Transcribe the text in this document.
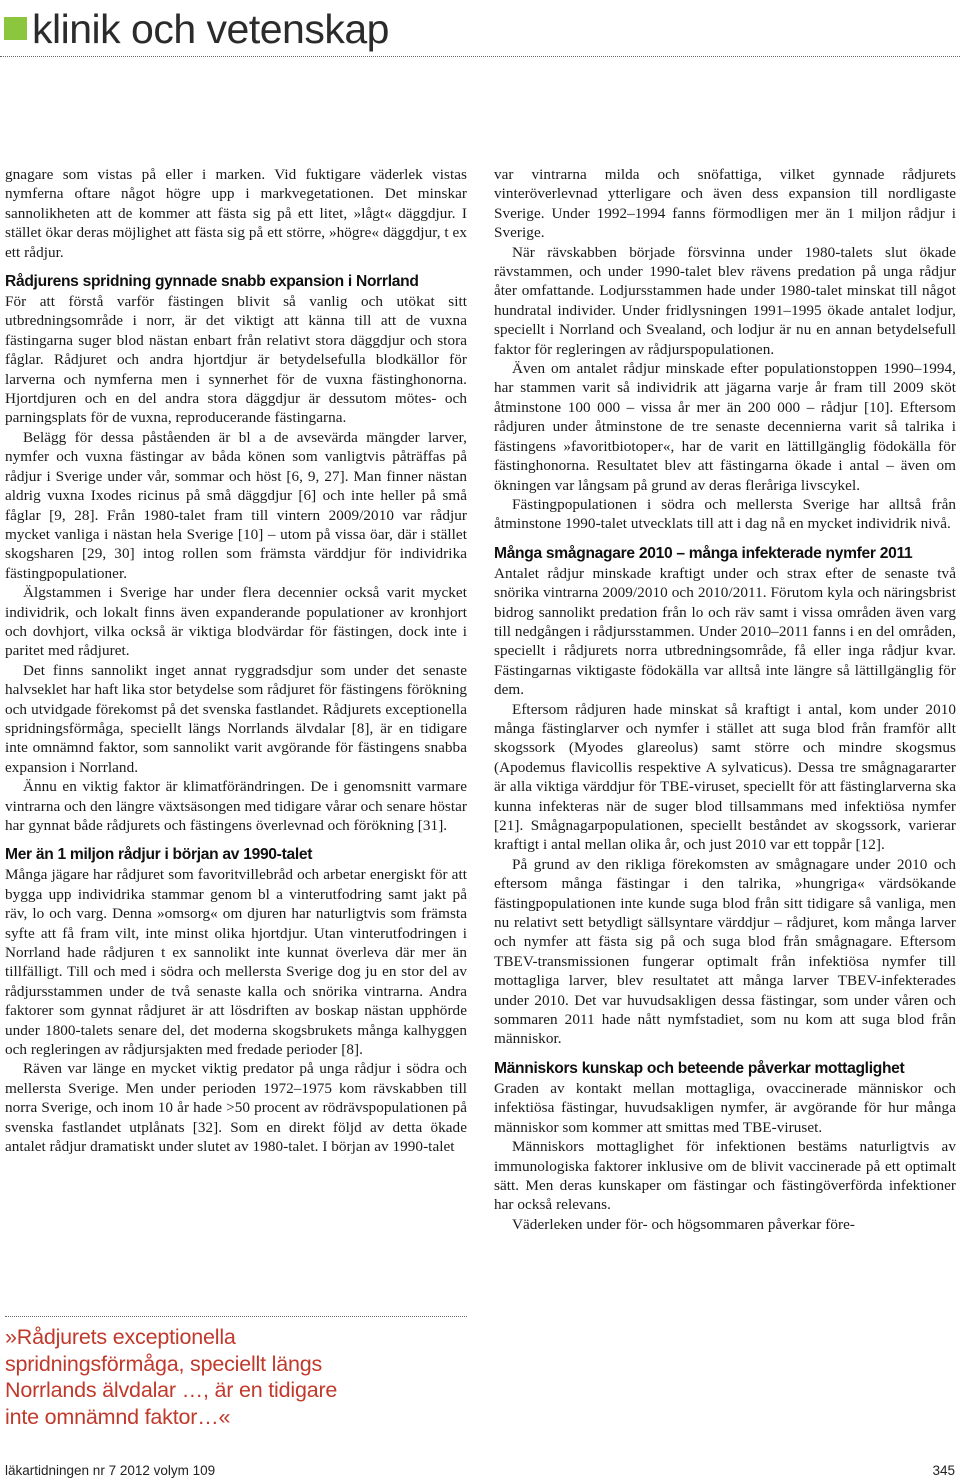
klinik och vetenskap

gnagare som vistas på eller i marken. Vid fuktigare väderlek vistas nymferna oftare något högre upp i markvegetationen. Det minskar sannolikheten att de kommer att fästa sig på ett litet, »lågt« däggdjur. I stället ökar deras möjlighet att fästa sig på ett större, »högre« däggdjur, t ex ett rådjur.

Rådjurens spridning gynnade snabb expansion i Norrland

För att förstå varför fästingen blivit så vanlig och utökat sitt utbredningsområde i norr, är det viktigt att känna till att de vuxna fästingarna suger blod nästan enbart från relativt stora däggdjur och stora fåglar. Rådjuret och andra hjortdjur är betydelsefulla blodkällor för larverna och nymferna men i synnerhet för de vuxna fästinghonorna. Hjortdjuren och en del andra stora däggdjur är dessutom mötes- och parningsplats för de vuxna, reproducerande fästingarna.

Belägg för dessa påståenden är bl a de avsevärda mängder larver, nymfer och vuxna fästingar av båda könen som vanligtvis påträffas på rådjur i Sverige under vår, sommar och höst [6, 9, 27]. Man finner nästan aldrig vuxna Ixodes ricinus på små däggdjur [6] och inte heller på små fåglar [9, 28]. Från 1980-talet fram till vintern 2009/2010 var rådjur mycket vanliga i nästan hela Sverige [10] – utom på vissa öar, där i stället skogsharen [29, 30] intog rollen som främsta värddjur för individrika fästingpopulationer.

Älgstammen i Sverige har under flera decennier också varit mycket individrik, och lokalt finns även expanderande populationer av kronhjort och dovhjort, vilka också är viktiga blodvärdar för fästingen, dock inte i paritet med rådjuret.

Det finns sannolikt inget annat ryggradsdjur som under det senaste halvseklet har haft lika stor betydelse som rådjuret för fästingens förökning och utvidgade förekomst på det svenska fastlandet. Rådjurets exceptionella spridningsförmåga, speciellt längs Norrlands älvdalar [8], är en tidigare inte omnämnd faktor, som sannolikt varit avgörande för fästingens snabba expansion i Norrland.

Ännu en viktig faktor är klimatförändringen. De i genomsnitt varmare vintrarna och den längre växtsäsongen med tidigare vårar och senare höstar har gynnat både rådjurets och fästingens överlevnad och förökning [31].

Mer än 1 miljon rådjur i början av 1990-talet

Många jägare har rådjuret som favoritvillebråd och arbetar energiskt för att bygga upp individrika stammar genom bl a vinterutfodring samt jakt på räv, lo och varg. Denna »omsorg« om djuren har naturligtvis som främsta syfte att få fram vilt, inte minst olika hjortdjur. Utan vinterutfodringen i Norrland hade rådjuren t ex sannolikt inte kunnat överleva där mer än tillfälligt. Till och med i södra och mellersta Sverige dog ju en stor del av rådjursstammen under de två senaste kalla och snörika vintrarna. Andra faktorer som gynnat rådjuret är att lösdriften av boskap nästan upphörde under 1800-talets senare del, det moderna skogsbrukets många kalhyggen och regleringen av rådjursjakten med fredade perioder [8].

Räven var länge en mycket viktig predator på unga rådjur i södra och mellersta Sverige. Men under perioden 1972–1975 kom rävskabben till norra Sverige, och inom 10 år hade >50 procent av rödrävspopulationen på svenska fastlandet utplånats [32]. Som en direkt följd av detta ökade antalet rådjur dramatiskt under slutet av 1980-talet. I början av 1990-talet

»Rådjurets exceptionella spridningsförmåga, speciellt längs Norrlands älvdalar …, är en tidigare inte omnämnd faktor…«

var vintrarna milda och snöfattiga, vilket gynnade rådjurets vinteröverlevnad ytterligare och även dess expansion till nordligaste Sverige. Under 1992–1994 fanns förmodligen mer än 1 miljon rådjur i Sverige.

När rävskabben började försvinna under 1980-talets slut ökade rävstammen, och under 1990-talet blev rävens predation på unga rådjur åter omfattande. Lodjursstammen hade under 1980-talet minskat till något hundratal individer. Under fridlysningen 1991–1995 ökade antalet lodjur, speciellt i Norrland och Svealand, och lodjur är nu en annan betydelsefull faktor för regleringen av rådjurspopulationen.

Även om antalet rådjur minskade efter populationstoppen 1990–1994, har stammen varit så individrik att jägarna varje år fram till 2009 sköt åtminstone 100 000 – vissa år mer än 200 000 – rådjur [10]. Eftersom rådjuren under åtminstone de tre senaste decennierna varit så talrika i fästingens »favoritbiotoper«, har de varit en lättillgänglig födokälla för fästinghonorna. Resultatet blev att fästingarna ökade i antal – även om ökningen var långsam på grund av deras fleråriga livscykel.

Fästingpopulationen i södra och mellersta Sverige har alltså från åtminstone 1990-talet utvecklats till att i dag nå en mycket individrik nivå.

Många smågnagare 2010 – många infekterade nymfer 2011

Antalet rådjur minskade kraftigt under och strax efter de senaste två snörika vintrarna 2009/2010 och 2010/2011. Förutom kyla och näringsbrist bidrog sannolikt predation från lo och räv samt i vissa områden även varg till nedgången i rådjursstammen. Under 2010–2011 fanns i en del områden, speciellt i rådjurets norra utbredningsområde, få eller inga rådjur kvar. Fästingarnas viktigaste födokälla var alltså inte längre så lättillgänglig för dem.

Eftersom rådjuren hade minskat så kraftigt i antal, kom under 2010 många fästinglarver och nymfer i stället att suga blod från framför allt skogssork (Myodes glareolus) samt större och mindre skogsmus (Apodemus flavicollis respektive A sylvaticus). Dessa tre smågnagararter är alla viktiga värddjur för TBE-viruset, speciellt för att fästinglarverna ska kunna infekteras när de suger blod tillsammans med infektiösa nymfer [21]. Smågnagarpopulationen, speciellt beståndet av skogssork, varierar kraftigt i antal mellan olika år, och just 2010 var ett toppår [12].

På grund av den rikliga förekomsten av smågnagare under 2010 och eftersom många fästingar i den talrika, »hungriga« värdsökande fästingpopulationen inte kunde suga blod från sitt tidigare så vanliga, men nu relativt sett betydligt sällsyntare värddjur – rådjuret, kom många larver och nymfer att fästa sig på och suga blod från smågnagare. Eftersom TBEV-transmissionen fungerar optimalt från infektiösa nymfer till mottagliga larver, blev resultatet att många larver TBEV-infekterades under 2010. Det var huvudsakligen dessa fästingar, som under våren och sommaren 2011 hade nått nymfstadiet, som nu kom att suga blod från människor.

Människors kunskap och beteende påverkar mottaglighet

Graden av kontakt mellan mottagliga, ovaccinerade människor och infektiösa fästingar, huvudsakligen nymfer, är avgörande för hur många människor som kommer att smittas med TBE-viruset.

Människors mottaglighet för infektionen bestäms naturligtvis av immunologiska faktorer inklusive om de blivit vaccinerade på ett optimalt sätt. Men deras kunskaper om fästingar och fästingöverförda infektioner har också relevans.

Väderleken under för- och högsommaren påverkar före-

läkartidningen nr 7 2012 volym 109	345
